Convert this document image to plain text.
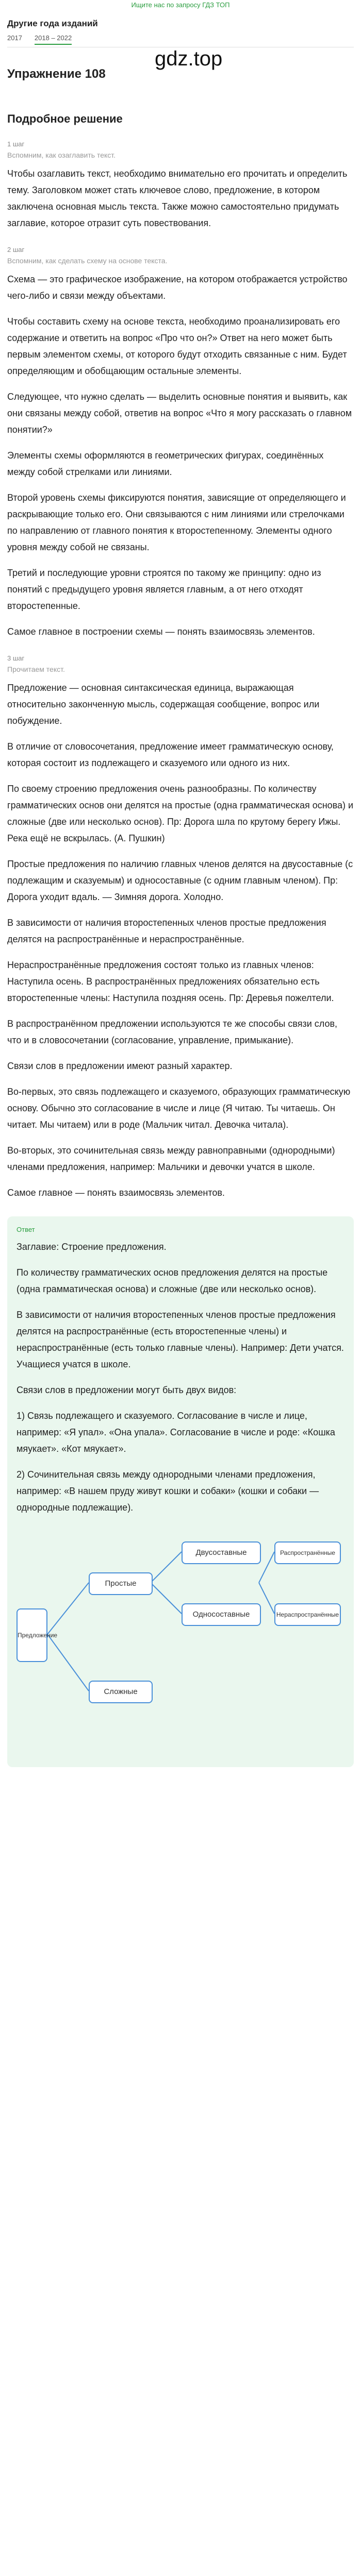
Ищите нас по запросу ГДЗ ТОП
Другие года изданий
2017 2018 – 2022
Упражнение 108
gdz.top
Подробное решение
1 шаг
Вспомним, как озаглавить текст.

Чтобы озаглавить текст, необходимо внимательно его прочитать и определить тему. Заголовком может стать ключевое слово, предложение, в котором заключена основная мысль текста. Также можно самостоятельно придумать заглавие, которое отразит суть повествования.

2 шаг
Вспомним, как сделать схему на основе текста.

Схема — это графическое изображение, на котором отображается устройство чего-либо и связи между объектами.

Чтобы составить схему на основе текста, необходимо проанализировать его содержание и ответить на вопрос «Про что он?» Ответ на него может быть первым элементом схемы, от которого будут отходить связанные с ним. Будет определяющим и обобщающим остальные элементы.

Следующее, что нужно сделать — выделить основные понятия и выявить, как они связаны между собой, ответив на вопрос «Что я могу рассказать о главном понятии?»

Элементы схемы оформляются в геометрических фигурах, соединённых между собой стрелками или линиями.

Второй уровень схемы фиксируются понятия, зависящие от определяющего и раскрывающие только его. Они связываются с ним линиями или стрелочками по направлению от главного понятия к второстепенному. Элементы одного уровня между собой не связаны.

Третий и последующие уровни строятся по такому же принципу: одно из понятий с предыдущего уровня является главным, а от него отходят второстепенные.

Самое главное в построении схемы — понять взаимосвязь элементов.

3 шаг
Прочитаем текст.

Предложение — основная синтаксическая единица, выражающая относительно законченную мысль, содержащая сообщение, вопрос или побуждение.

В отличие от словосочетания, предложение имеет грамматическую основу, которая состоит из подлежащего и сказуемого или одного из них.

По своему строению предложения очень разнообразны. По количеству грамматических основ они делятся на простые (одна грамматическая основа) и сложные (две или несколько основ). Пр: Дорога шла по крутому берегу Ижы. Река ещё не вскрылась. (А. Пушкин)

Простые предложения по наличию главных членов делятся на двусоставные (с подлежащим и сказуемым) и односоставные (с одним главным членом). Пр: Дорога уходит вдаль. — Зимняя дорога. Холодно.

В зависимости от наличия второстепенных членов простые предложения делятся на распространённые и нераспространённые.

Нераспространённые предложения состоят только из главных членов: Наступила осень. В распространённых предложениях обязательно есть второстепенные члены: Наступила поздняя осень. Пр: Деревья пожелтели.

В распространённом предложении используются те же способы связи слов, что и в словосочетании (согласование, управление, примыкание).

Связи слов в предложении имеют разный характер.

Во-первых, это связь подлежащего и сказуемого, образующих грамматическую основу. Обычно это согласование в числе и лице (Я читаю. Ты читаешь. Он читает. Мы читаем) или в роде (Мальчик читал. Девочка читала).

Во-вторых, это сочинительная связь между равноправными (однородными) членами предложения, например: Мальчики и девочки учатся в школе.

Самое главное — понять взаимосвязь элементов.

Ответ

Заглавие: Строение предложения.

По количеству грамматических основ предложения делятся на простые (одна грамматическая основа) и сложные (две или несколько основ).

В зависимости от наличия второстепенных членов простые предложения делятся на распространённые (есть второстепенные члены) и нераспространённые (есть только главные члены). Например: Дети учатся. Учащиеся учатся в школе.

Связи слов в предложении могут быть двух видов:

1) Связь подлежащего и сказуемого. Согласование в числе и лице, например: «Я упал». «Она упала». Согласование в числе и роде: «Кошка мяукает». «Кот мяукает».

2) Сочинительная связь между однородными членами предложения, например: «В нашем пруду живут кошки и собаки» (кошки и собаки — однородные подлежащие).

Предложение
Простые
Сложные
Двусоставные
Односоставные
Распространённые
Нераспространённые
